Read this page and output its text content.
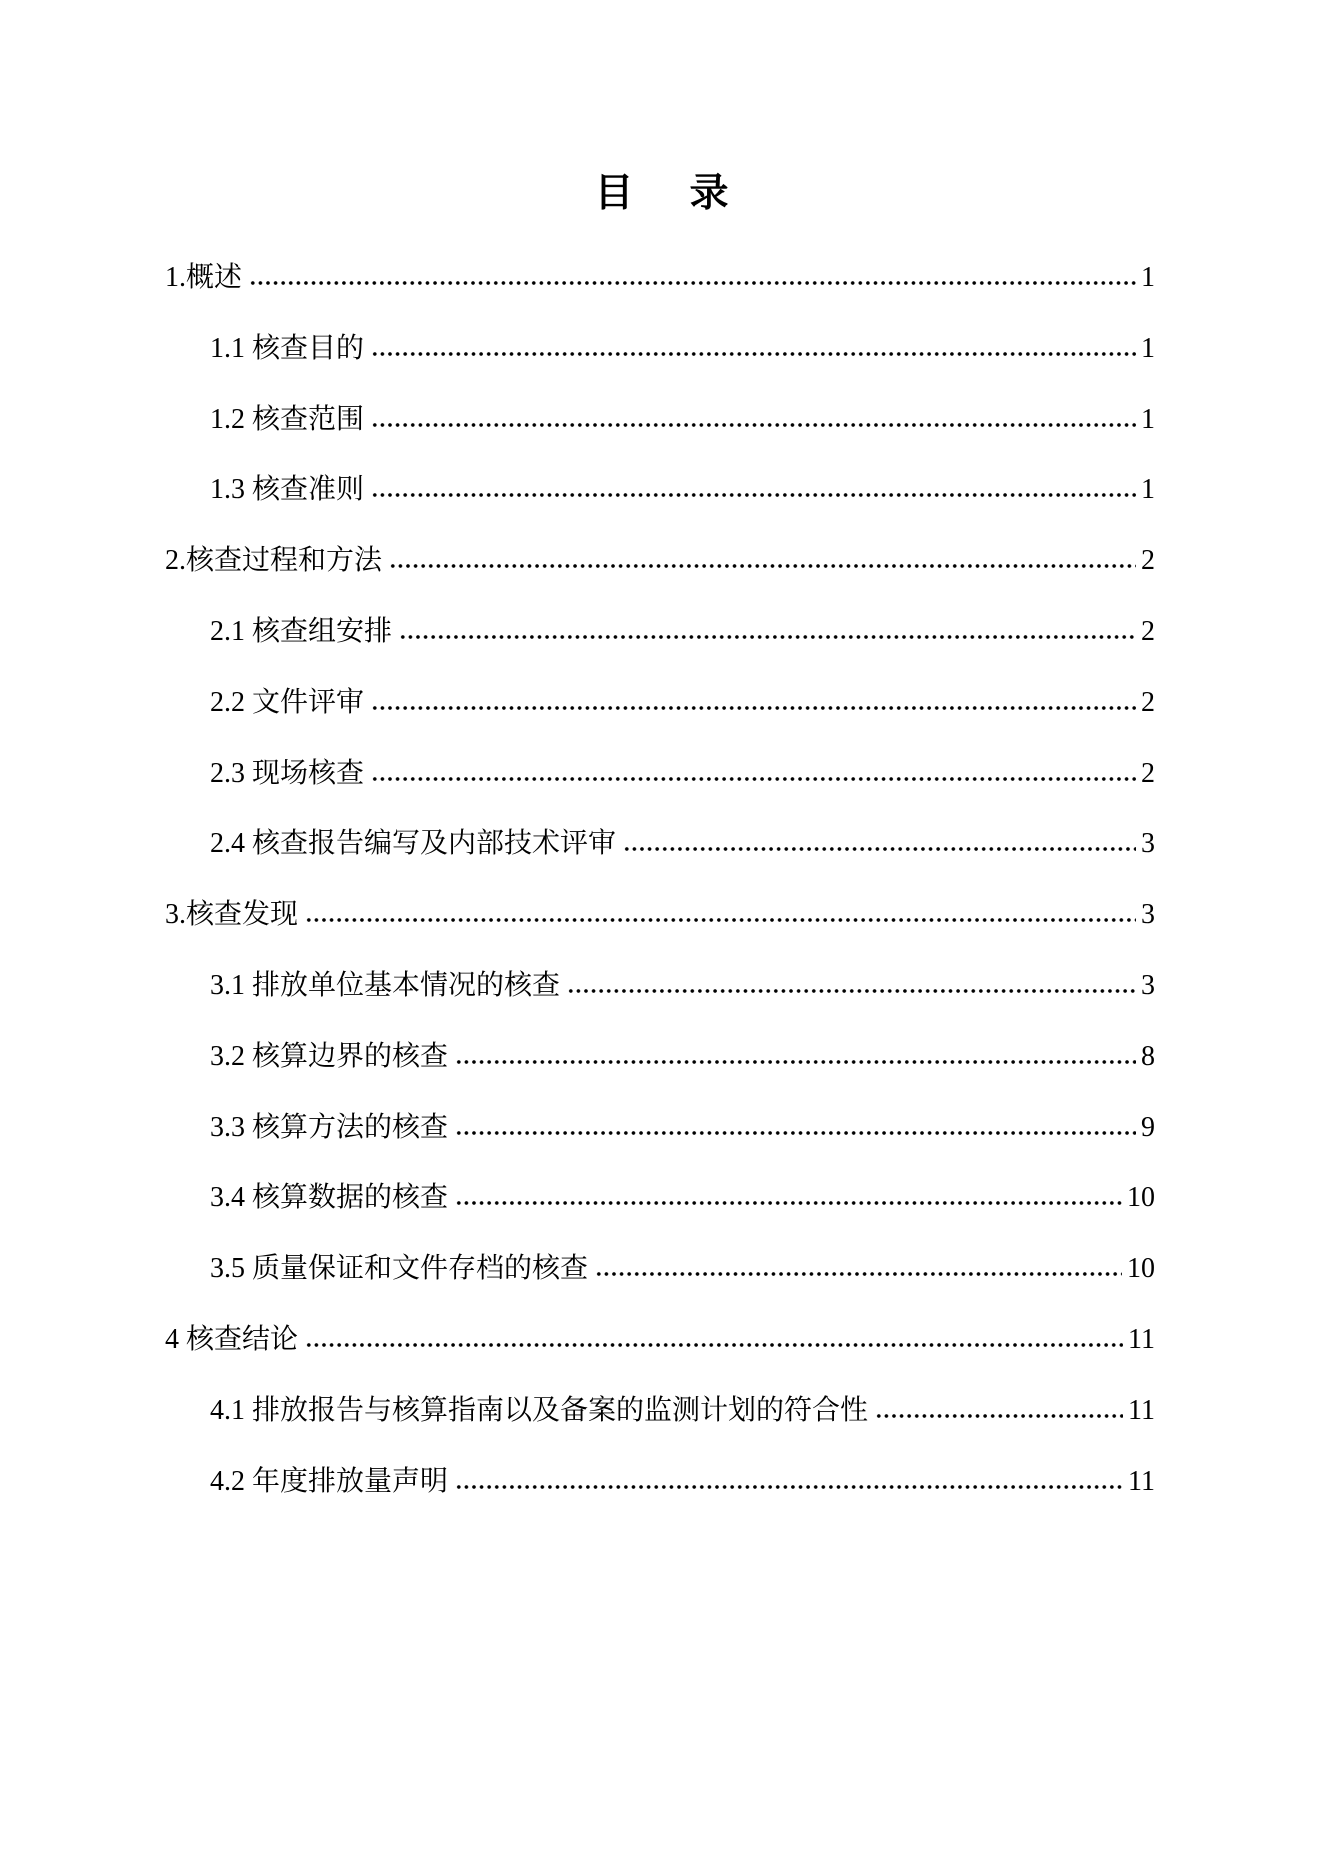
目 录
1.概述	1
1.1 核查目的	1
1.2 核查范围	1
1.3 核查准则	1
2.核查过程和方法	2
2.1 核查组安排	2
2.2 文件评审	2
2.3 现场核查	2
2.4 核查报告编写及内部技术评审	3
3.核查发现	3
3.1 排放单位基本情况的核查	3
3.2 核算边界的核查	8
3.3 核算方法的核查	9
3.4 核算数据的核查	10
3.5 质量保证和文件存档的核查	10
4 核查结论	11
4.1 排放报告与核算指南以及备案的监测计划的符合性	11
4.2 年度排放量声明	11
